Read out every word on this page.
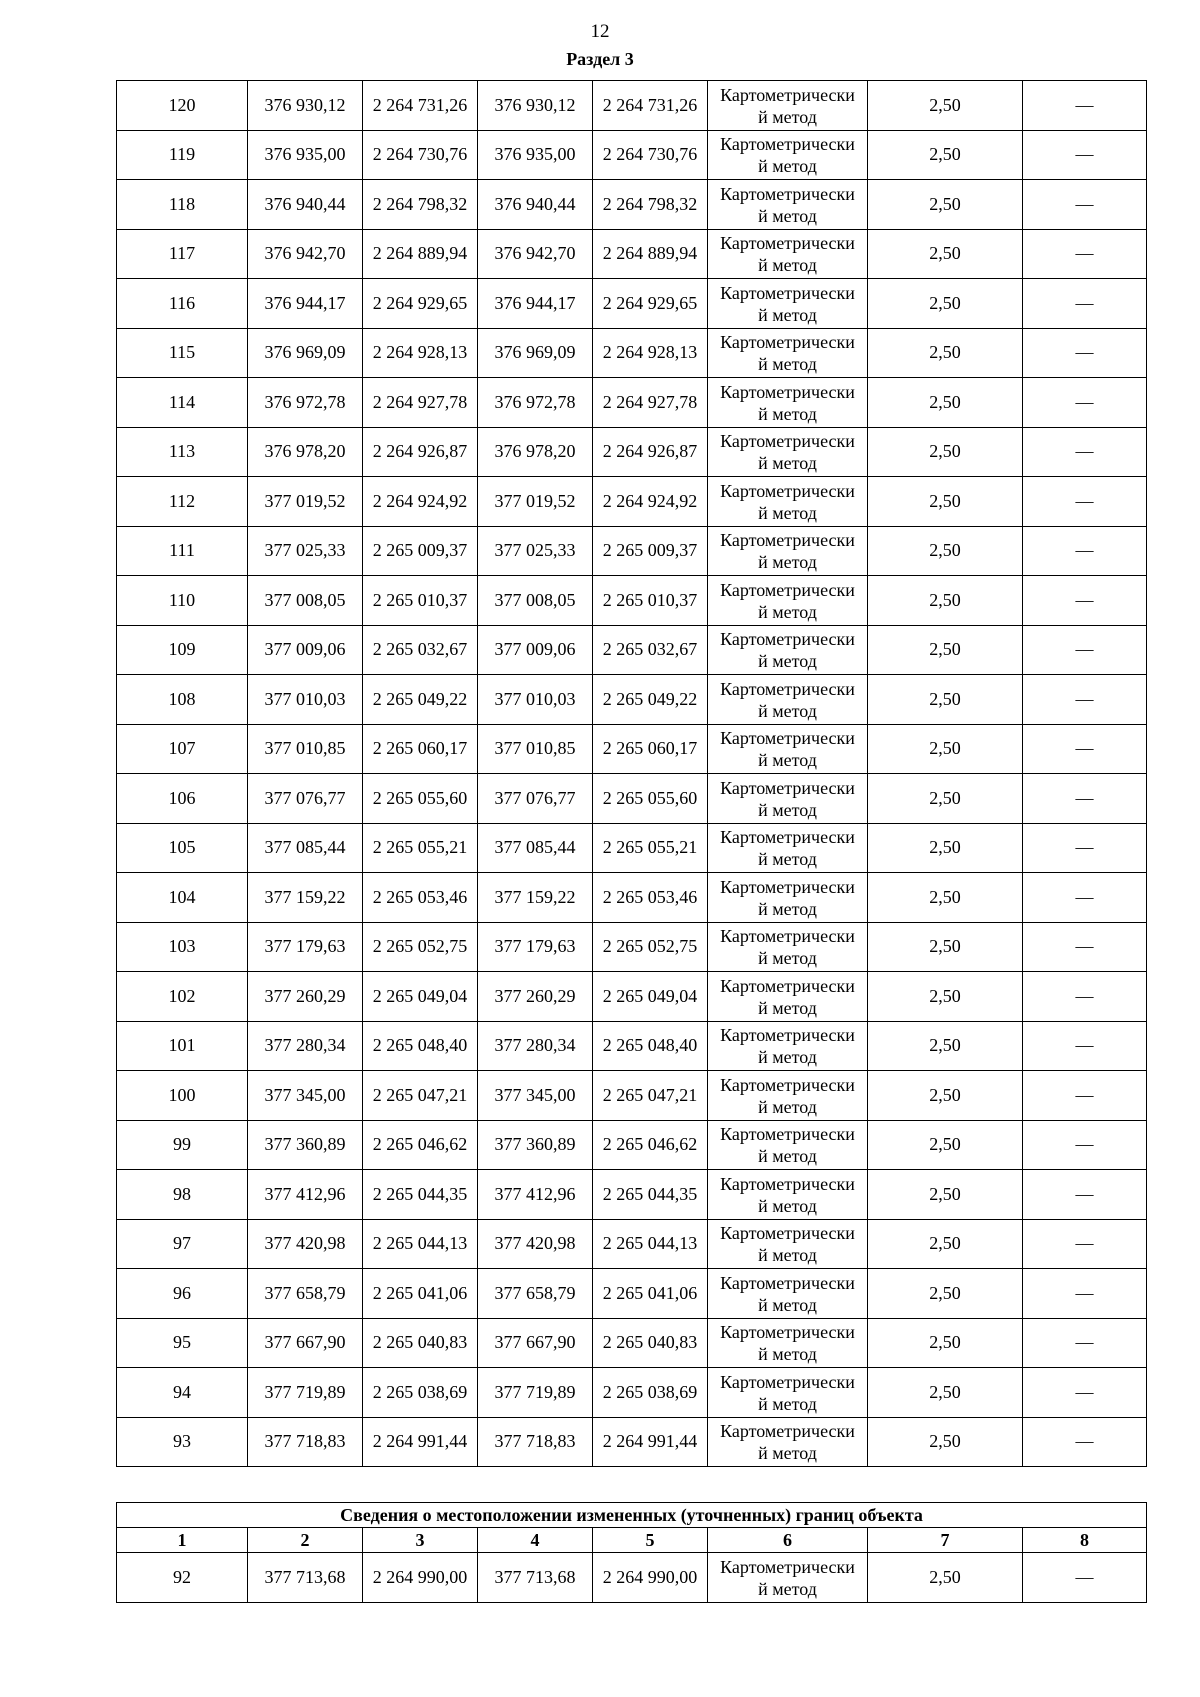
12
Раздел 3
120	376 930,12	2 264 731,26	376 930,12	2 264 731,26	Картометрически
й метод	2,50	—
119	376 935,00	2 264 730,76	376 935,00	2 264 730,76	Картометрически
й метод	2,50	—
118	376 940,44	2 264 798,32	376 940,44	2 264 798,32	Картометрически
й метод	2,50	—
117	376 942,70	2 264 889,94	376 942,70	2 264 889,94	Картометрически
й метод	2,50	—
116	376 944,17	2 264 929,65	376 944,17	2 264 929,65	Картометрически
й метод	2,50	—
115	376 969,09	2 264 928,13	376 969,09	2 264 928,13	Картометрически
й метод	2,50	—
114	376 972,78	2 264 927,78	376 972,78	2 264 927,78	Картометрически
й метод	2,50	—
113	376 978,20	2 264 926,87	376 978,20	2 264 926,87	Картометрически
й метод	2,50	—
112	377 019,52	2 264 924,92	377 019,52	2 264 924,92	Картометрически
й метод	2,50	—
111	377 025,33	2 265 009,37	377 025,33	2 265 009,37	Картометрически
й метод	2,50	—
110	377 008,05	2 265 010,37	377 008,05	2 265 010,37	Картометрически
й метод	2,50	—
109	377 009,06	2 265 032,67	377 009,06	2 265 032,67	Картометрически
й метод	2,50	—
108	377 010,03	2 265 049,22	377 010,03	2 265 049,22	Картометрически
й метод	2,50	—
107	377 010,85	2 265 060,17	377 010,85	2 265 060,17	Картометрически
й метод	2,50	—
106	377 076,77	2 265 055,60	377 076,77	2 265 055,60	Картометрически
й метод	2,50	—
105	377 085,44	2 265 055,21	377 085,44	2 265 055,21	Картометрически
й метод	2,50	—
104	377 159,22	2 265 053,46	377 159,22	2 265 053,46	Картометрически
й метод	2,50	—
103	377 179,63	2 265 052,75	377 179,63	2 265 052,75	Картометрически
й метод	2,50	—
102	377 260,29	2 265 049,04	377 260,29	2 265 049,04	Картометрически
й метод	2,50	—
101	377 280,34	2 265 048,40	377 280,34	2 265 048,40	Картометрически
й метод	2,50	—
100	377 345,00	2 265 047,21	377 345,00	2 265 047,21	Картометрически
й метод	2,50	—
99	377 360,89	2 265 046,62	377 360,89	2 265 046,62	Картометрически
й метод	2,50	—
98	377 412,96	2 265 044,35	377 412,96	2 265 044,35	Картометрически
й метод	2,50	—
97	377 420,98	2 265 044,13	377 420,98	2 265 044,13	Картометрически
й метод	2,50	—
96	377 658,79	2 265 041,06	377 658,79	2 265 041,06	Картометрически
й метод	2,50	—
95	377 667,90	2 265 040,83	377 667,90	2 265 040,83	Картометрически
й метод	2,50	—
94	377 719,89	2 265 038,69	377 719,89	2 265 038,69	Картометрически
й метод	2,50	—
93	377 718,83	2 264 991,44	377 718,83	2 264 991,44	Картометрически
й метод	2,50	—
Сведения о местоположении измененных (уточненных) границ объекта							
1	2	3	4	5	6	7	8
92	377 713,68	2 264 990,00	377 713,68	2 264 990,00	Картометрически
й метод	2,50	—
